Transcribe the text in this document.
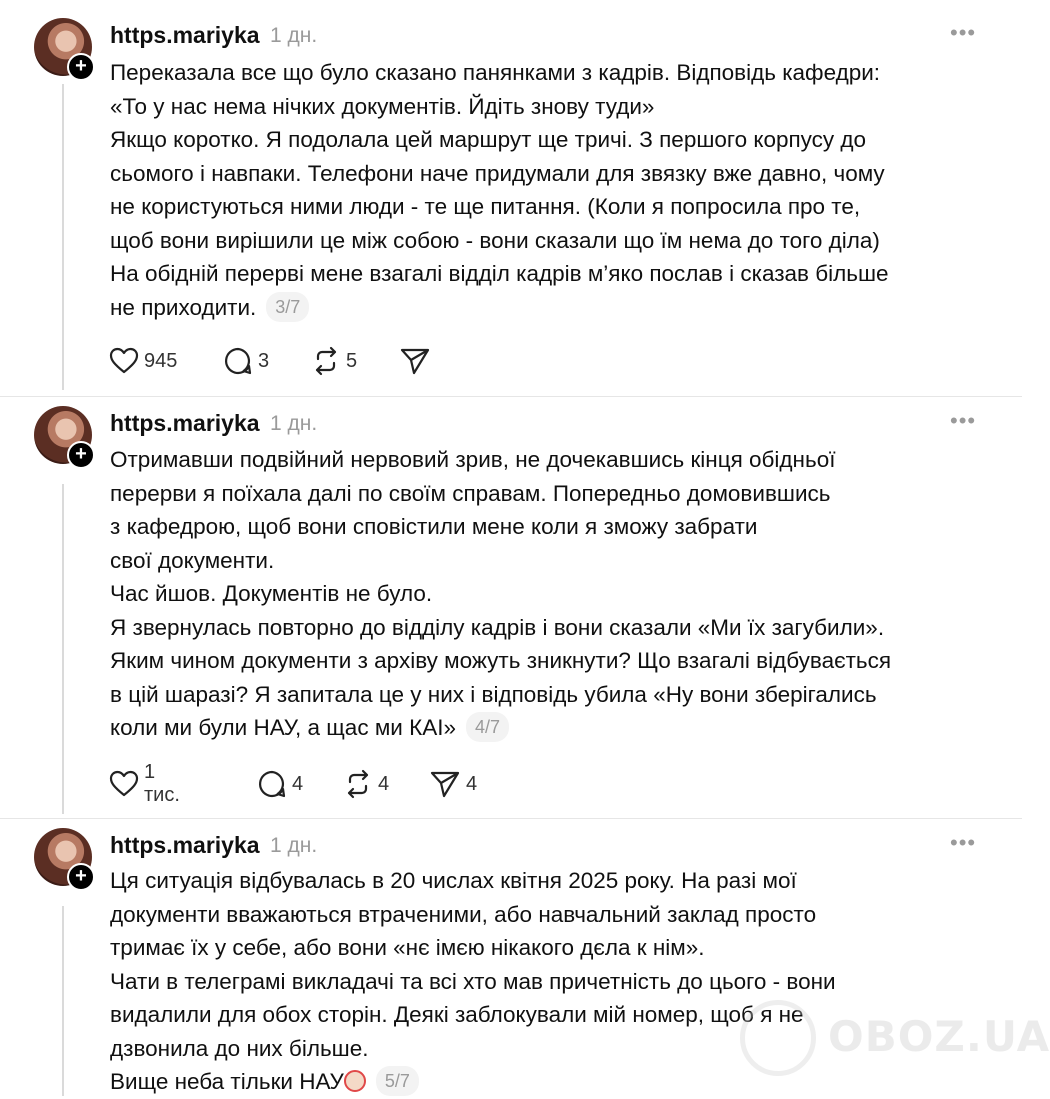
+
https.mariyka 1 дн.	•••
Переказала все що було сказано панянками з кадрів. Відповідь кафедри:
«То у нас нема нічких документів. Йдіть знову туди»
Якщо коротко. Я подолала цей маршрут ще тричі. З першого корпусу до
сьомого і навпаки. Телефони наче придумали для звязку вже давно, чому
не користуються ними люди - те ще питання. (Коли я попросила про те,
щоб вони вирішили це між собою - вони сказали що їм нема до того діла)
На обідній перерві мене взагалі відділ кадрів м’яко послав і сказав більше
не приходити. 3/7
945	3	5
+
https.mariyka 1 дн.	•••
Отримавши подвійний нервовий зрив, не дочекавшись кінця обідньої
перерви я поїхала далі по своїм справам. Попередньо домовившись
з кафедрою, щоб вони сповістили мене коли я зможу забрати
свої документи.
Час йшов. Документів не було.
Я звернулась повторно до відділу кадрів і вони сказали «Ми їх загубили».
Яким чином документи з архіву можуть зникнути? Що взагалі відбувається
в цій шаразі? Я запитала це у них і відповідь убила «Ну вони зберігались
коли ми були НАУ, а щас ми КАІ» 4/7
1 тис.
4	4	4
+
https.mariyka 1 дн.	•••
Ця ситуація відбувалась в 20 числах квітня 2025 року. На разі мої
документи вважаються втраченими, або навчальний заклад просто
тримає їх у себе, або вони «нє імєю нікакого дєла к нім».
Чати в телеграмі викладачі та всі хто мав причетність до цього - вони
видалили для обох сторін. Деякі заблокували мій номер, щоб я не
дзвонила до них більше.
Вище неба тільки НАУ 5/7
OBOZ.UA
